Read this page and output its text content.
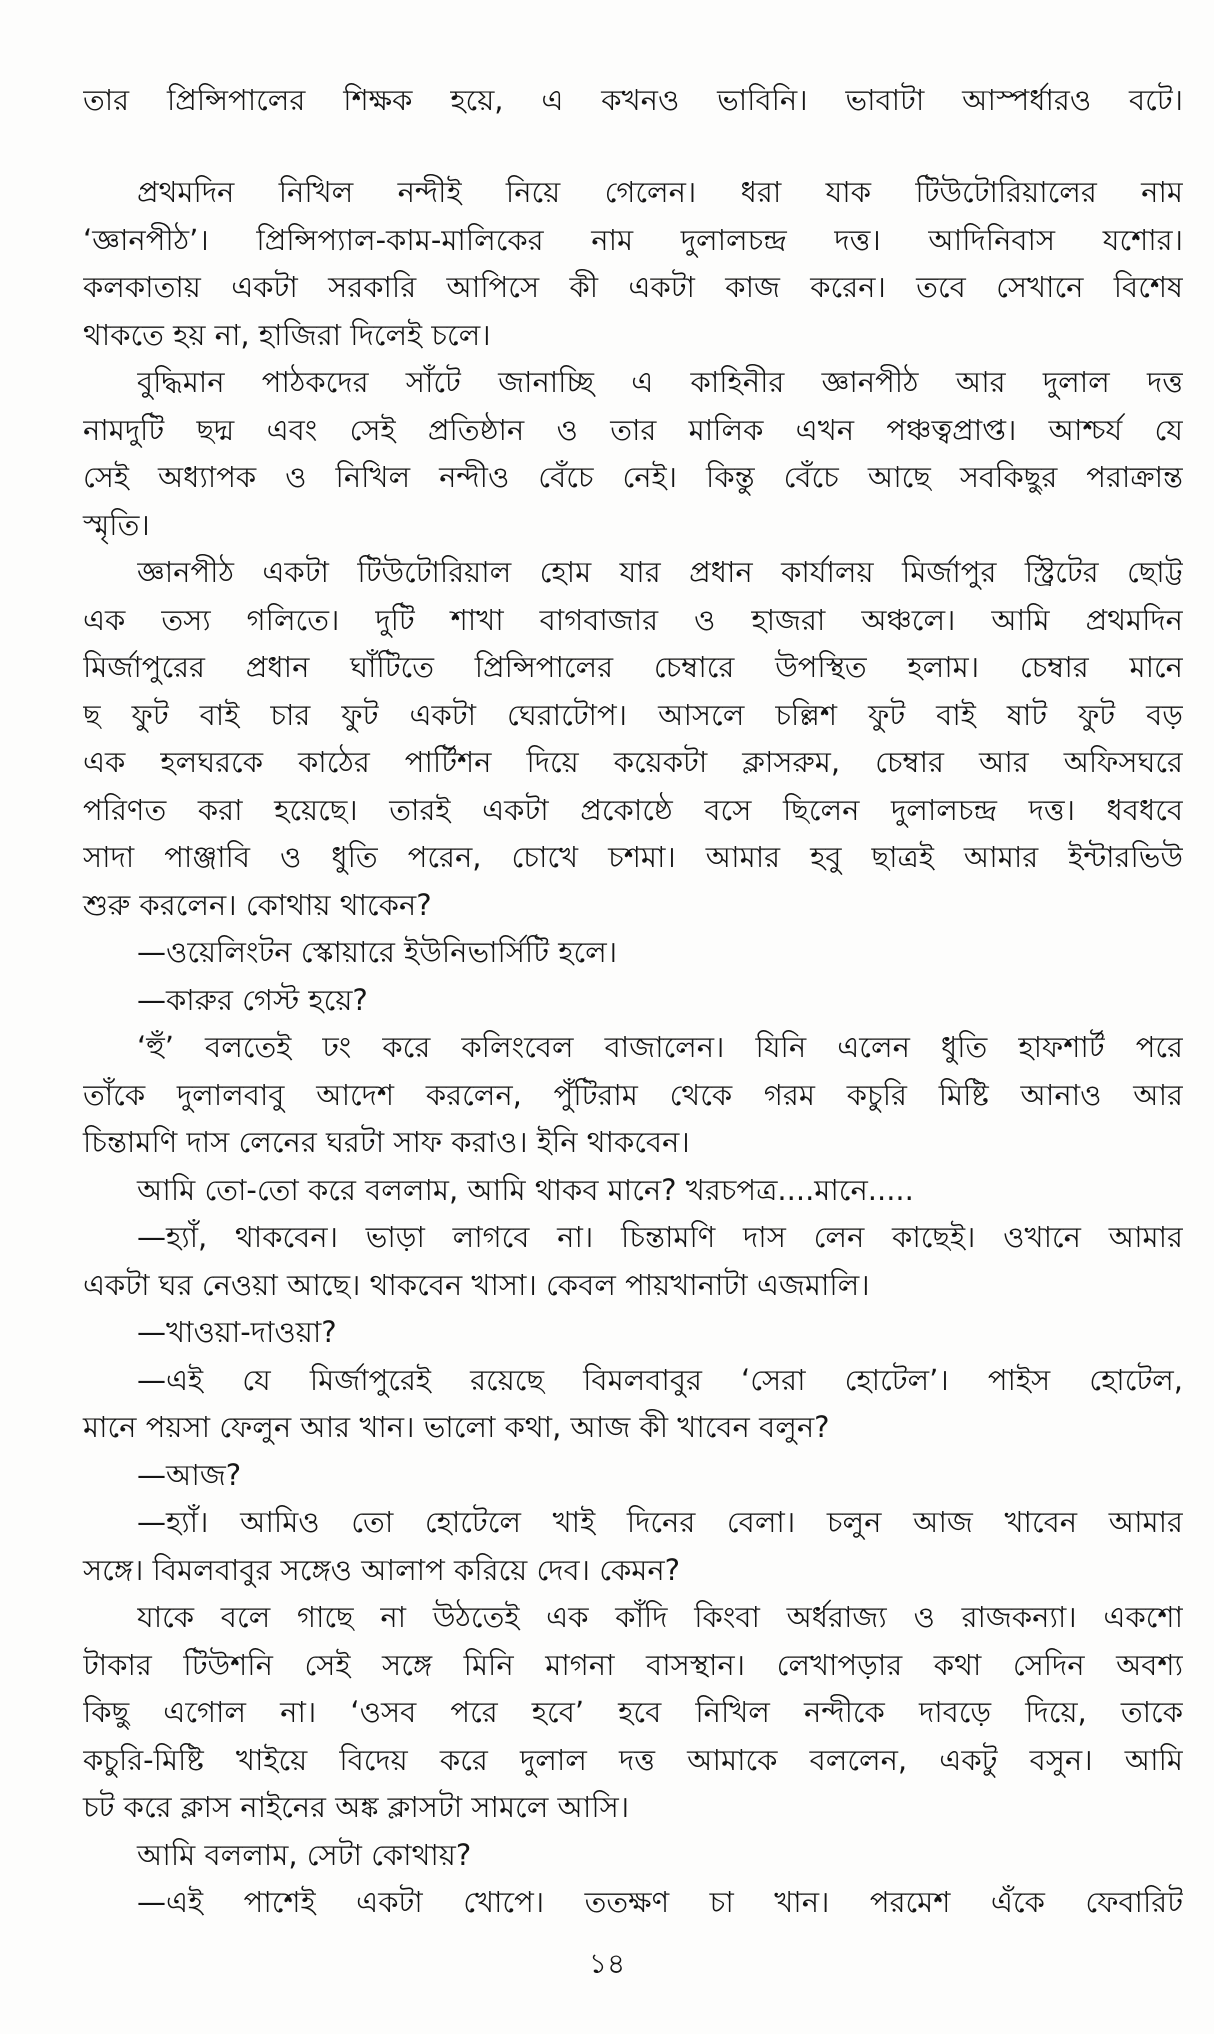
তার প্রিন্সিপালের শিক্ষক হয়ে, এ কখনও ভাবিনি। ভাবাটা আস্পর্ধারও বটে।
প্রথমদিন নিখিল নন্দীই নিয়ে গেলেন। ধরা যাক টিউটোরিয়ালের নাম
‘জ্ঞানপীঠ’। প্রিন্সিপ্যাল-কাম-মালিকের নাম দুলালচন্দ্র দত্ত। আদিনিবাস যশোর।
কলকাতায় একটা সরকারি আপিসে কী একটা কাজ করেন। তবে সেখানে বিশেষ
থাকতে হয় না, হাজিরা দিলেই চলে।
বুদ্ধিমান পাঠকদের সাঁটে জানাচ্ছি এ কাহিনীর জ্ঞানপীঠ আর দুলাল দত্ত
নামদুটি ছদ্ম এবং সেই প্রতিষ্ঠান ও তার মালিক এখন পঞ্চত্বপ্রাপ্ত। আশ্চর্য যে
সেই অধ্যাপক ও নিখিল নন্দীও বেঁচে নেই। কিন্তু বেঁচে আছে সবকিছুর পরাক্রান্ত
স্মৃতি।
জ্ঞানপীঠ একটা টিউটোরিয়াল হোম যার প্রধান কার্যালয় মির্জাপুর স্ট্রিটের ছোট্ট
এক তস্য গলিতে। দুটি শাখা বাগবাজার ও হাজরা অঞ্চলে। আমি প্রথমদিন
মির্জাপুরের প্রধান ঘাঁটিতে প্রিন্সিপালের চেম্বারে উপস্থিত হলাম। চেম্বার মানে
ছ ফুট বাই চার ফুট একটা ঘেরাটোপ। আসলে চল্লিশ ফুট বাই ষাট ফুট বড়
এক হলঘরকে কাঠের পার্টিশন দিয়ে কয়েকটা ক্লাসরুম, চেম্বার আর অফিসঘরে
পরিণত করা হয়েছে। তারই একটা প্রকোষ্ঠে বসে ছিলেন দুলালচন্দ্র দত্ত। ধবধবে
সাদা পাঞ্জাবি ও ধুতি পরেন, চোখে চশমা। আমার হবু ছাত্রই আমার ইন্টারভিউ
শুরু করলেন। কোথায় থাকেন?
—ওয়েলিংটন স্কোয়ারে ইউনিভার্সিটি হলে।
—কারুর গেস্ট হয়ে?
‘হুঁ’ বলতেই ঢং করে কলিংবেল বাজালেন। যিনি এলেন ধুতি হাফশার্ট পরে
তাঁকে দুলালবাবু আদেশ করলেন, পুঁটিরাম থেকে গরম কচুরি মিষ্টি আনাও আর
চিন্তামণি দাস লেনের ঘরটা সাফ করাও। ইনি থাকবেন।
আমি তো-তো করে বললাম, আমি থাকব মানে? খরচপত্র....মানে.....
—হ্যাঁ, থাকবেন। ভাড়া লাগবে না। চিন্তামণি দাস লেন কাছেই। ওখানে আমার
একটা ঘর নেওয়া আছে। থাকবেন খাসা। কেবল পায়খানাটা এজমালি।
—খাওয়া-দাওয়া?
—এই যে মির্জাপুরেই রয়েছে বিমলবাবুর ‘সেরা হোটেল’। পাইস হোটেল,
মানে পয়সা ফেলুন আর খান। ভালো কথা, আজ কী খাবেন বলুন?
—আজ?
—হ্যাঁ। আমিও তো হোটেলে খাই দিনের বেলা। চলুন আজ খাবেন আমার
সঙ্গে। বিমলবাবুর সঙ্গেও আলাপ করিয়ে দেব। কেমন?
যাকে বলে গাছে না উঠতেই এক কাঁদি কিংবা অর্ধরাজ্য ও রাজকন্যা। একশো
টাকার টিউশনি সেই সঙ্গে মিনি মাগনা বাসস্থান। লেখাপড়ার কথা সেদিন অবশ্য
কিছু এগোল না। ‘ওসব পরে হবে’ হবে নিখিল নন্দীকে দাবড়ে দিয়ে, তাকে
কচুরি-মিষ্টি খাইয়ে বিদেয় করে দুলাল দত্ত আমাকে বললেন, একটু বসুন। আমি
চট করে ক্লাস নাইনের অঙ্ক ক্লাসটা সামলে আসি।
আমি বললাম, সেটা কোথায়?
—এই পাশেই একটা খোপে। ততক্ষণ চা খান। পরমেশ এঁকে ফেবারিট
১৪
